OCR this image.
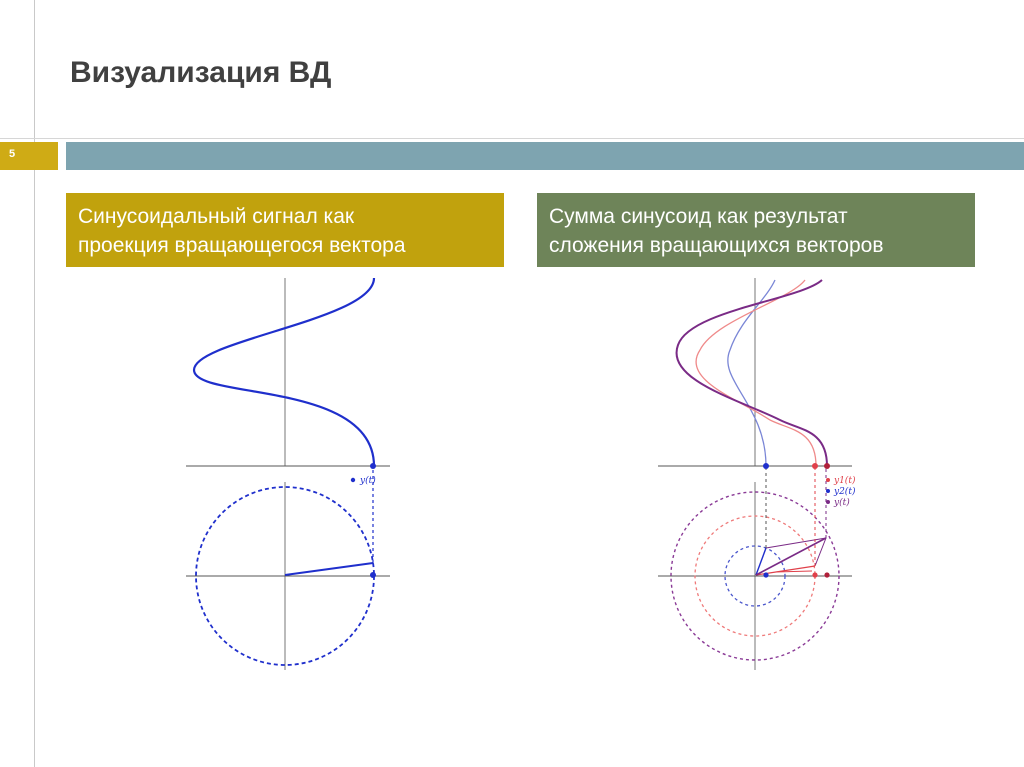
Визуализация ВД
5
Синусоидальный сигнал как
проекция вращающегося вектора
Сумма синусоид как результат
сложения вращающихся векторов
y(t)	y1(t)
y2(t)
y(t)
